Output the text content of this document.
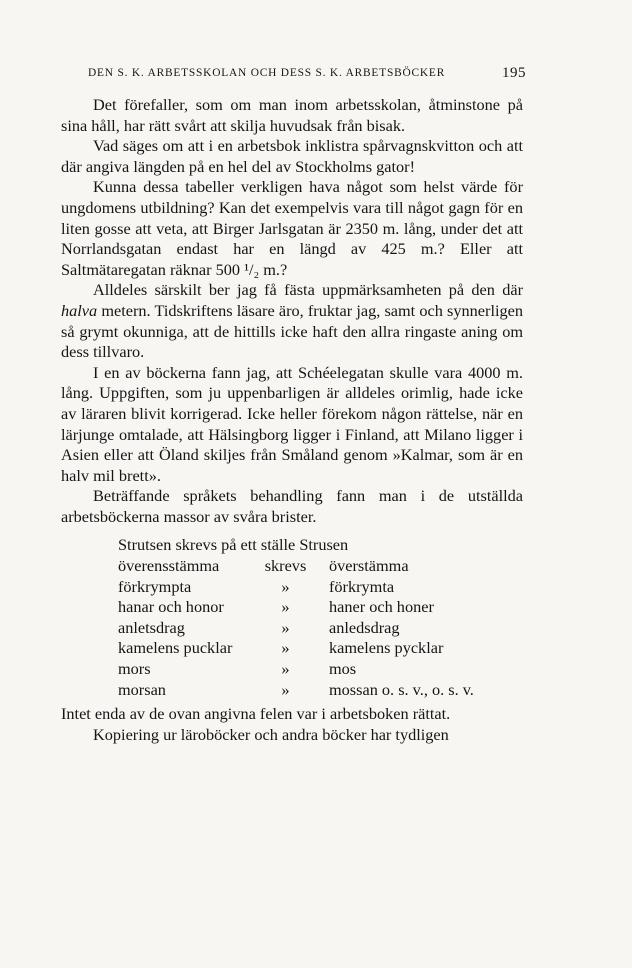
DEN S. K. ARBETSSKOLAN OCH DESS S. K. ARBETSBÖCKER	195

Det förefaller, som om man inom arbetsskolan, åtminstone på sina håll, har rätt svårt att skilja huvudsak från bisak.

Vad säges om att i en arbetsbok inklistra spårvagnskvitton och att där angiva längden på en hel del av Stockholms gator!

Kunna dessa tabeller verkligen hava något som helst värde för ungdomens utbildning? Kan det exempelvis vara till något gagn för en liten gosse att veta, att Birger Jarlsgatan är 2350 m. lång, under det att Norrlandsgatan endast har en längd av 425 m.? Eller att Saltmätaregatan räknar 500 ¹/₂ m.?

Alldeles särskilt ber jag få fästa uppmärksamheten på den där halva metern. Tidskriftens läsare äro, fruktar jag, samt och synnerligen så grymt okunniga, att de hittills icke haft den allra ringaste aning om dess tillvaro.

I en av böckerna fann jag, att Schéelegatan skulle vara 4000 m. lång. Uppgiften, som ju uppenbarligen är alldeles orimlig, hade icke av läraren blivit korrigerad. Icke heller förekom någon rättelse, när en lärjunge omtalade, att Hälsingborg ligger i Finland, att Milano ligger i Asien eller att Öland skiljes från Småland genom »Kalmar, som är en halv mil brett».

Beträffande språkets behandling fann man i de utställda arbetsböckerna massor av svåra brister.

Strutsen skrevs på ett ställe Strusen		
överensstämma	skrevs	överstämma
förkrympta	»	förkrymta
hanar och honor	»	haner och honer
anletsdrag	»	anledsdrag
kamelens pucklar	»	kamelens pycklar
mors	»	mos
morsan	»	mossan o. s. v., o. s. v.

Intet enda av de ovan angivna felen var i arbetsboken rättat.

Kopiering ur läroböcker och andra böcker har tydligen
